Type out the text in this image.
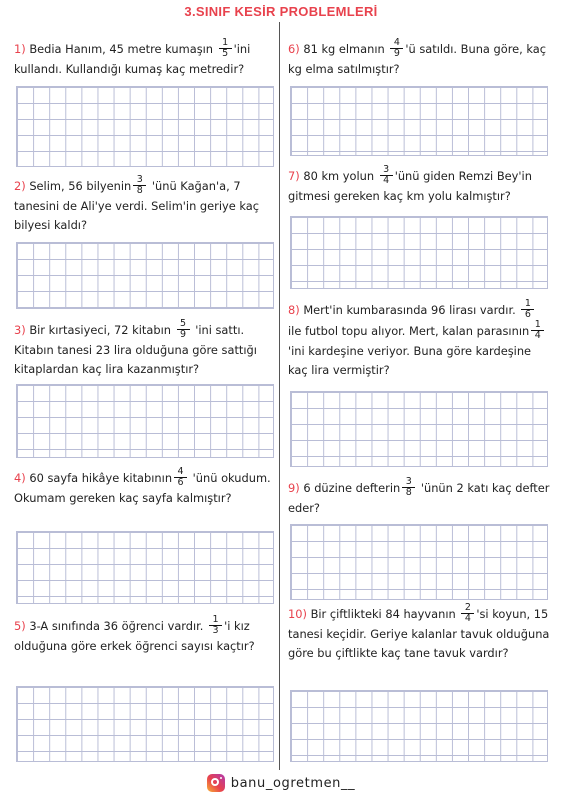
3.SINIF KESİR PROBLEMLERİ
1) Bedia Hanım, 45 metre kumaşın $\frac{1}{5}$ 'ini kullandı. Kullandığı kumaş kaç metredir?
2) Selim, 56 bilyenin $\frac{3}{8}$ 'ünü Kağan'a, 7 tanesini de Ali'ye verdi. Selim'in geriye kaç bilyesi kaldı?
3) Bir kırtasiyeci, 72 kitabın $\frac{5}{9}$ 'ini sattı. Kitabın tanesi 23 lira olduğuna göre sattığı kitaplardan kaç lira kazanmıştır?
4) 60 sayfa hikâye kitabının $\frac{4}{6}$ 'ünü okudum. Okumam gereken kaç sayfa kalmıştır?
5) 3-A sınıfında 36 öğrenci vardır. $\frac{1}{3}$ 'i kız olduğuna göre erkek öğrenci sayısı kaçtır?
6) 81 kg elmanın $\frac{4}{9}$ 'ü satıldı. Buna göre, kaç kg elma satılmıştır?
7) 80 km yolun $\frac{3}{4}$ 'ünü giden Remzi Bey'in gitmesi gereken kaç km yolu kalmıştır?
8) Mert'in kumbarasında 96 lirası vardır. $\frac{1}{6}$
ile futbol topu alıyor. Mert, kalan parasının $\frac{1}{4}$
'ini kardeşine veriyor. Buna göre kardeşine kaç lira vermiştir?
9) 6 düzine defterin $\frac{3}{8}$ 'ünün 2 katı kaç defter eder?
10) Bir çiftlikteki 84 hayvanın $\frac{2}{4}$ 'si koyun, 15 tanesi keçidir. Geriye kalanlar tavuk olduğuna göre bu çiftlikte kaç tane tavuk vardır?
banu_ogretmen__
